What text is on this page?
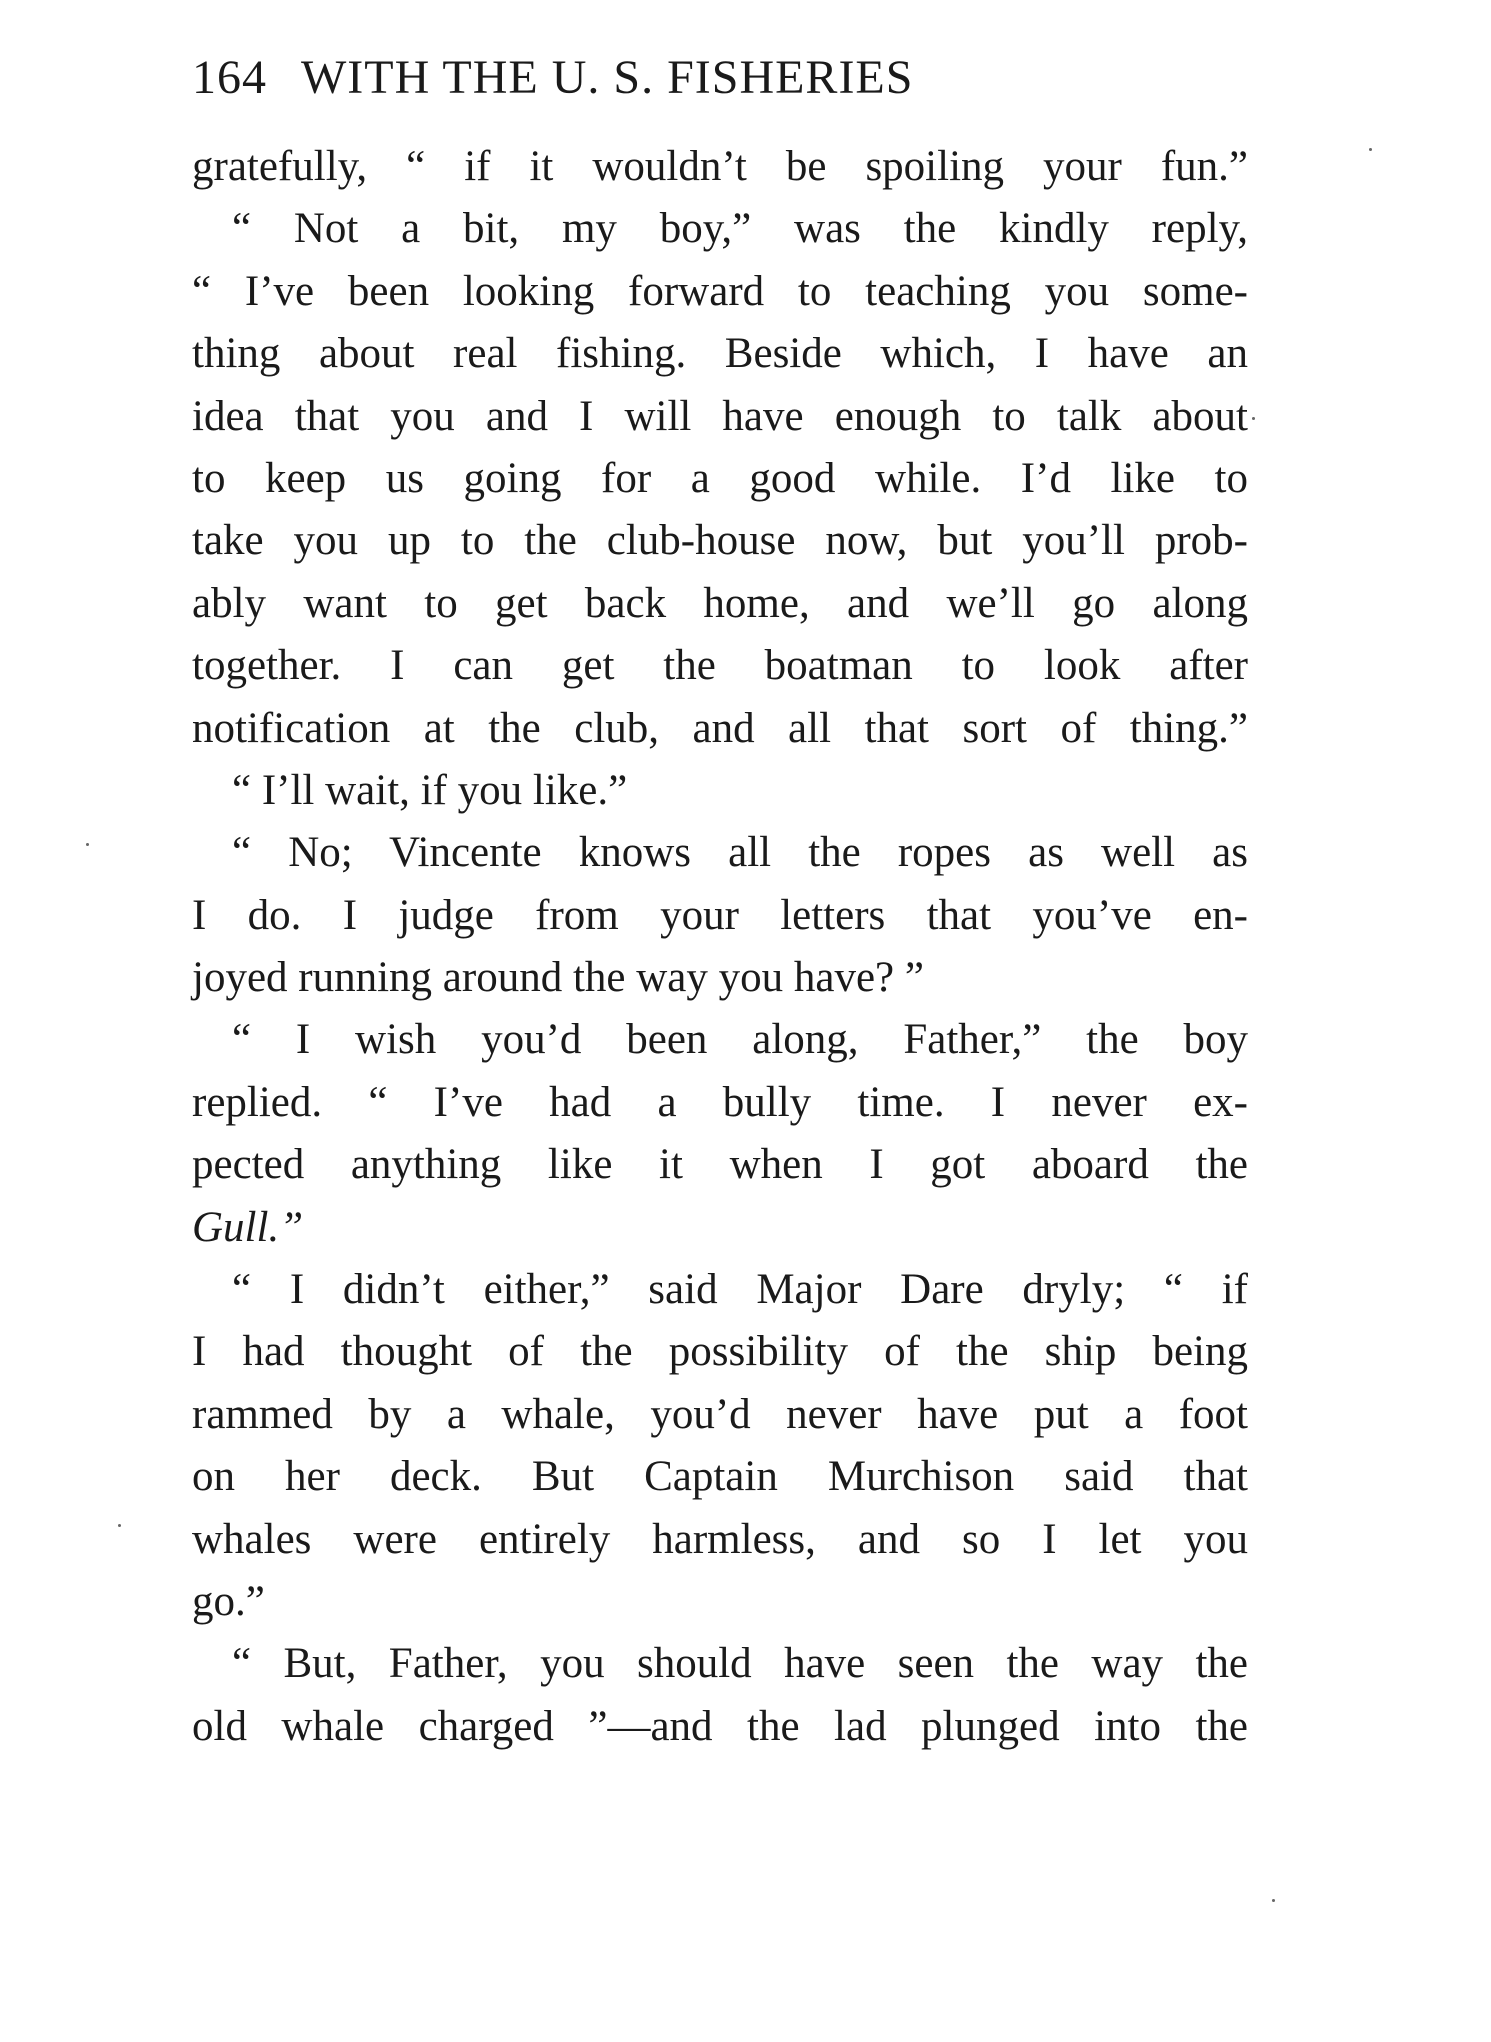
164 WITH THE U. S. FISHERIES
gratefully, “ if it wouldn’t be spoiling your fun.”
“ Not a bit, my boy,” was the kindly reply,
“ I’ve been looking forward to teaching you some-
thing about real fishing. Beside which, I have an
idea that you and I will have enough to talk about
to keep us going for a good while. I’d like to
take you up to the club-house now, but you’ll prob-
ably want to get back home, and we’ll go along
together. I can get the boatman to look after
notification at the club, and all that sort of thing.”
“ I’ll wait, if you like.”
“ No; Vincente knows all the ropes as well as
I do. I judge from your letters that you’ve en-
joyed running around the way you have? ”
“ I wish you’d been along, Father,” the boy
replied. “ I’ve had a bully time. I never ex-
pected anything like it when I got aboard the
Gull.”
“ I didn’t either,” said Major Dare dryly; “ if
I had thought of the possibility of the ship being
rammed by a whale, you’d never have put a foot
on her deck. But Captain Murchison said that
whales were entirely harmless, and so I let you
go.”
“ But, Father, you should have seen the way the
old whale charged ”—and the lad plunged into the
